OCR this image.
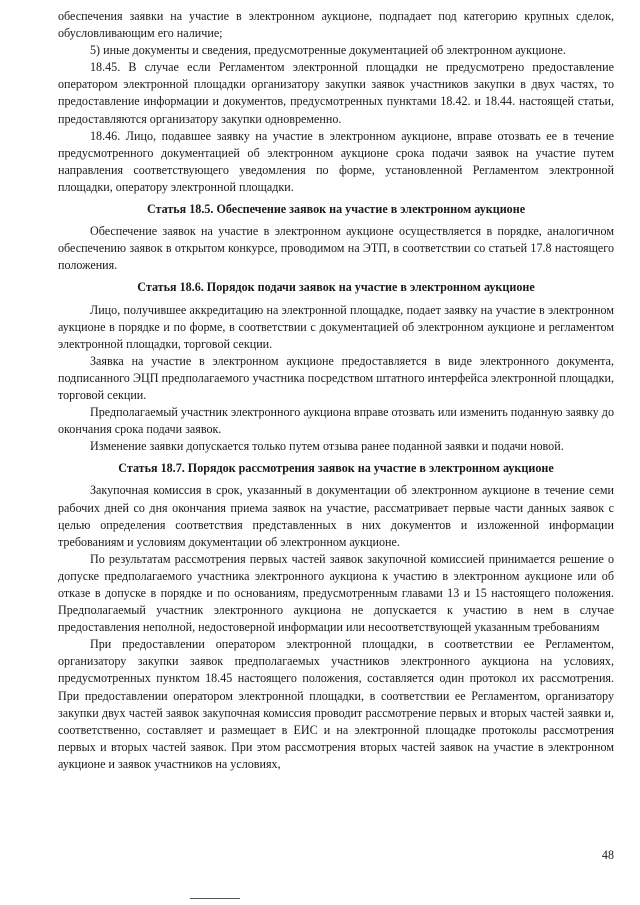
обеспечения заявки на участие в электронном аукционе, подпадает под категорию крупных сделок, обусловливающим его наличие;

5) иные документы и сведения, предусмотренные документацией об электронном аукционе.

18.45. В случае если Регламентом электронной площадки не предусмотрено предоставление оператором электронной площадки организатору закупки заявок участников закупки в двух частях, то предоставление информации и документов, предусмотренных пунктами 18.42. и 18.44. настоящей статьи, предоставляются организатору закупки одновременно.

18.46. Лицо, подавшее заявку на участие в электронном аукционе, вправе отозвать ее в течение предусмотренного документацией об электронном аукционе срока подачи заявок на участие путем направления соответствующего уведомления по форме, установленной Регламентом электронной площадки, оператору электронной площадки.

Статья 18.5. Обеспечение заявок на участие в электронном аукционе

Обеспечение заявок на участие в электронном аукционе осуществляется в порядке, аналогичном обеспечению заявок в открытом конкурсе, проводимом на ЭТП, в соответствии со статьей 17.8 настоящего положения.

Статья 18.6. Порядок подачи заявок на участие в электронном аукционе

Лицо, получившее аккредитацию на электронной площадке, подает заявку на участие в электронном аукционе в порядке и по форме, в соответствии с документацией об электронном аукционе и регламентом электронной площадки, торговой секции.

Заявка на участие в электронном аукционе предоставляется в виде электронного документа, подписанного ЭЦП предполагаемого участника посредством штатного интерфейса электронной площадки, торговой секции.

Предполагаемый участник электронного аукциона вправе отозвать или изменить поданную заявку до окончания срока подачи заявок.

Изменение заявки допускается только путем отзыва ранее поданной заявки и подачи новой.

Статья 18.7. Порядок рассмотрения заявок на участие в электронном аукционе

Закупочная комиссия в срок, указанный в документации об электронном аукционе в течение семи рабочих дней со дня окончания приема заявок на участие, рассматривает первые части данных заявок с целью определения соответствия представленных в них документов и изложенной информации требованиям и условиям документации об электронном аукционе.

По результатам рассмотрения первых частей заявок закупочной комиссией принимается решение о допуске предполагаемого участника электронного аукциона к участию в электронном аукционе или об отказе в допуске в порядке и по основаниям, предусмотренным главами 13 и 15 настоящего положения. Предполагаемый участник электронного аукциона не допускается к участию в нем в случае предоставления неполной, недостоверной информации или несоответствующей указанным требованиям

При предоставлении оператором электронной площадки, в соответствии ее Регламентом, организатору закупки заявок предполагаемых участников электронного аукциона на условиях, предусмотренных пунктом 18.45 настоящего положения, составляется один протокол их рассмотрения. При предоставлении оператором электронной площадки, в соответствии ее Регламентом, организатору закупки двух частей заявок закупочная комиссия проводит рассмотрение первых и вторых частей заявки и, соответственно, составляет и размещает в ЕИС и на электронной площадке протоколы рассмотрения первых и вторых частей заявок. При этом рассмотрения вторых частей заявок на участие в электронном аукционе и заявок участников на условиях,

48
